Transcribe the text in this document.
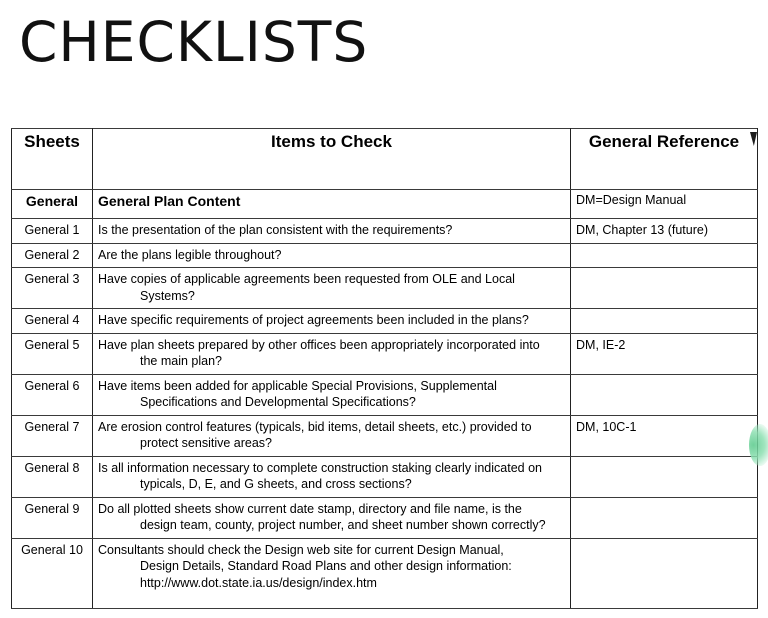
CHECKLISTS
Sheets	Items to Check	General Reference
General	General Plan Content	DM=Design Manual
General 1	Is the presentation of the plan consistent with the requirements?	DM, Chapter 13 (future)
General 2	Are the plans legible throughout?	
General 3	Have copies of applicable agreements been requested from OLE and Local
Systems?	

General 4	Have specific requirements of project agreements been included in the plans?	
General 5	Have plan sheets prepared by other offices been appropriately incorporated into
the main plan?	DM, IE-2
General 6	Have items been added for applicable Special Provisions, Supplemental
Specifications and Developmental Specifications?	

General 7	Are erosion control features (typicals, bid items, detail sheets, etc.) provided to
protect sensitive areas?	DM, 10C-1
General 8	Is all information necessary to complete construction staking clearly indicated on
typicals, D, E, and G sheets, and cross sections?	

General 9	Do all plotted sheets show current date stamp, directory and file name, is the
design team, county, project number, and sheet number shown correctly?	

General 10	Consultants should check the Design web site for current Design Manual,
Design Details, Standard Road Plans and other design information:
http://www.dot.state.ia.us/design/index.htm	
